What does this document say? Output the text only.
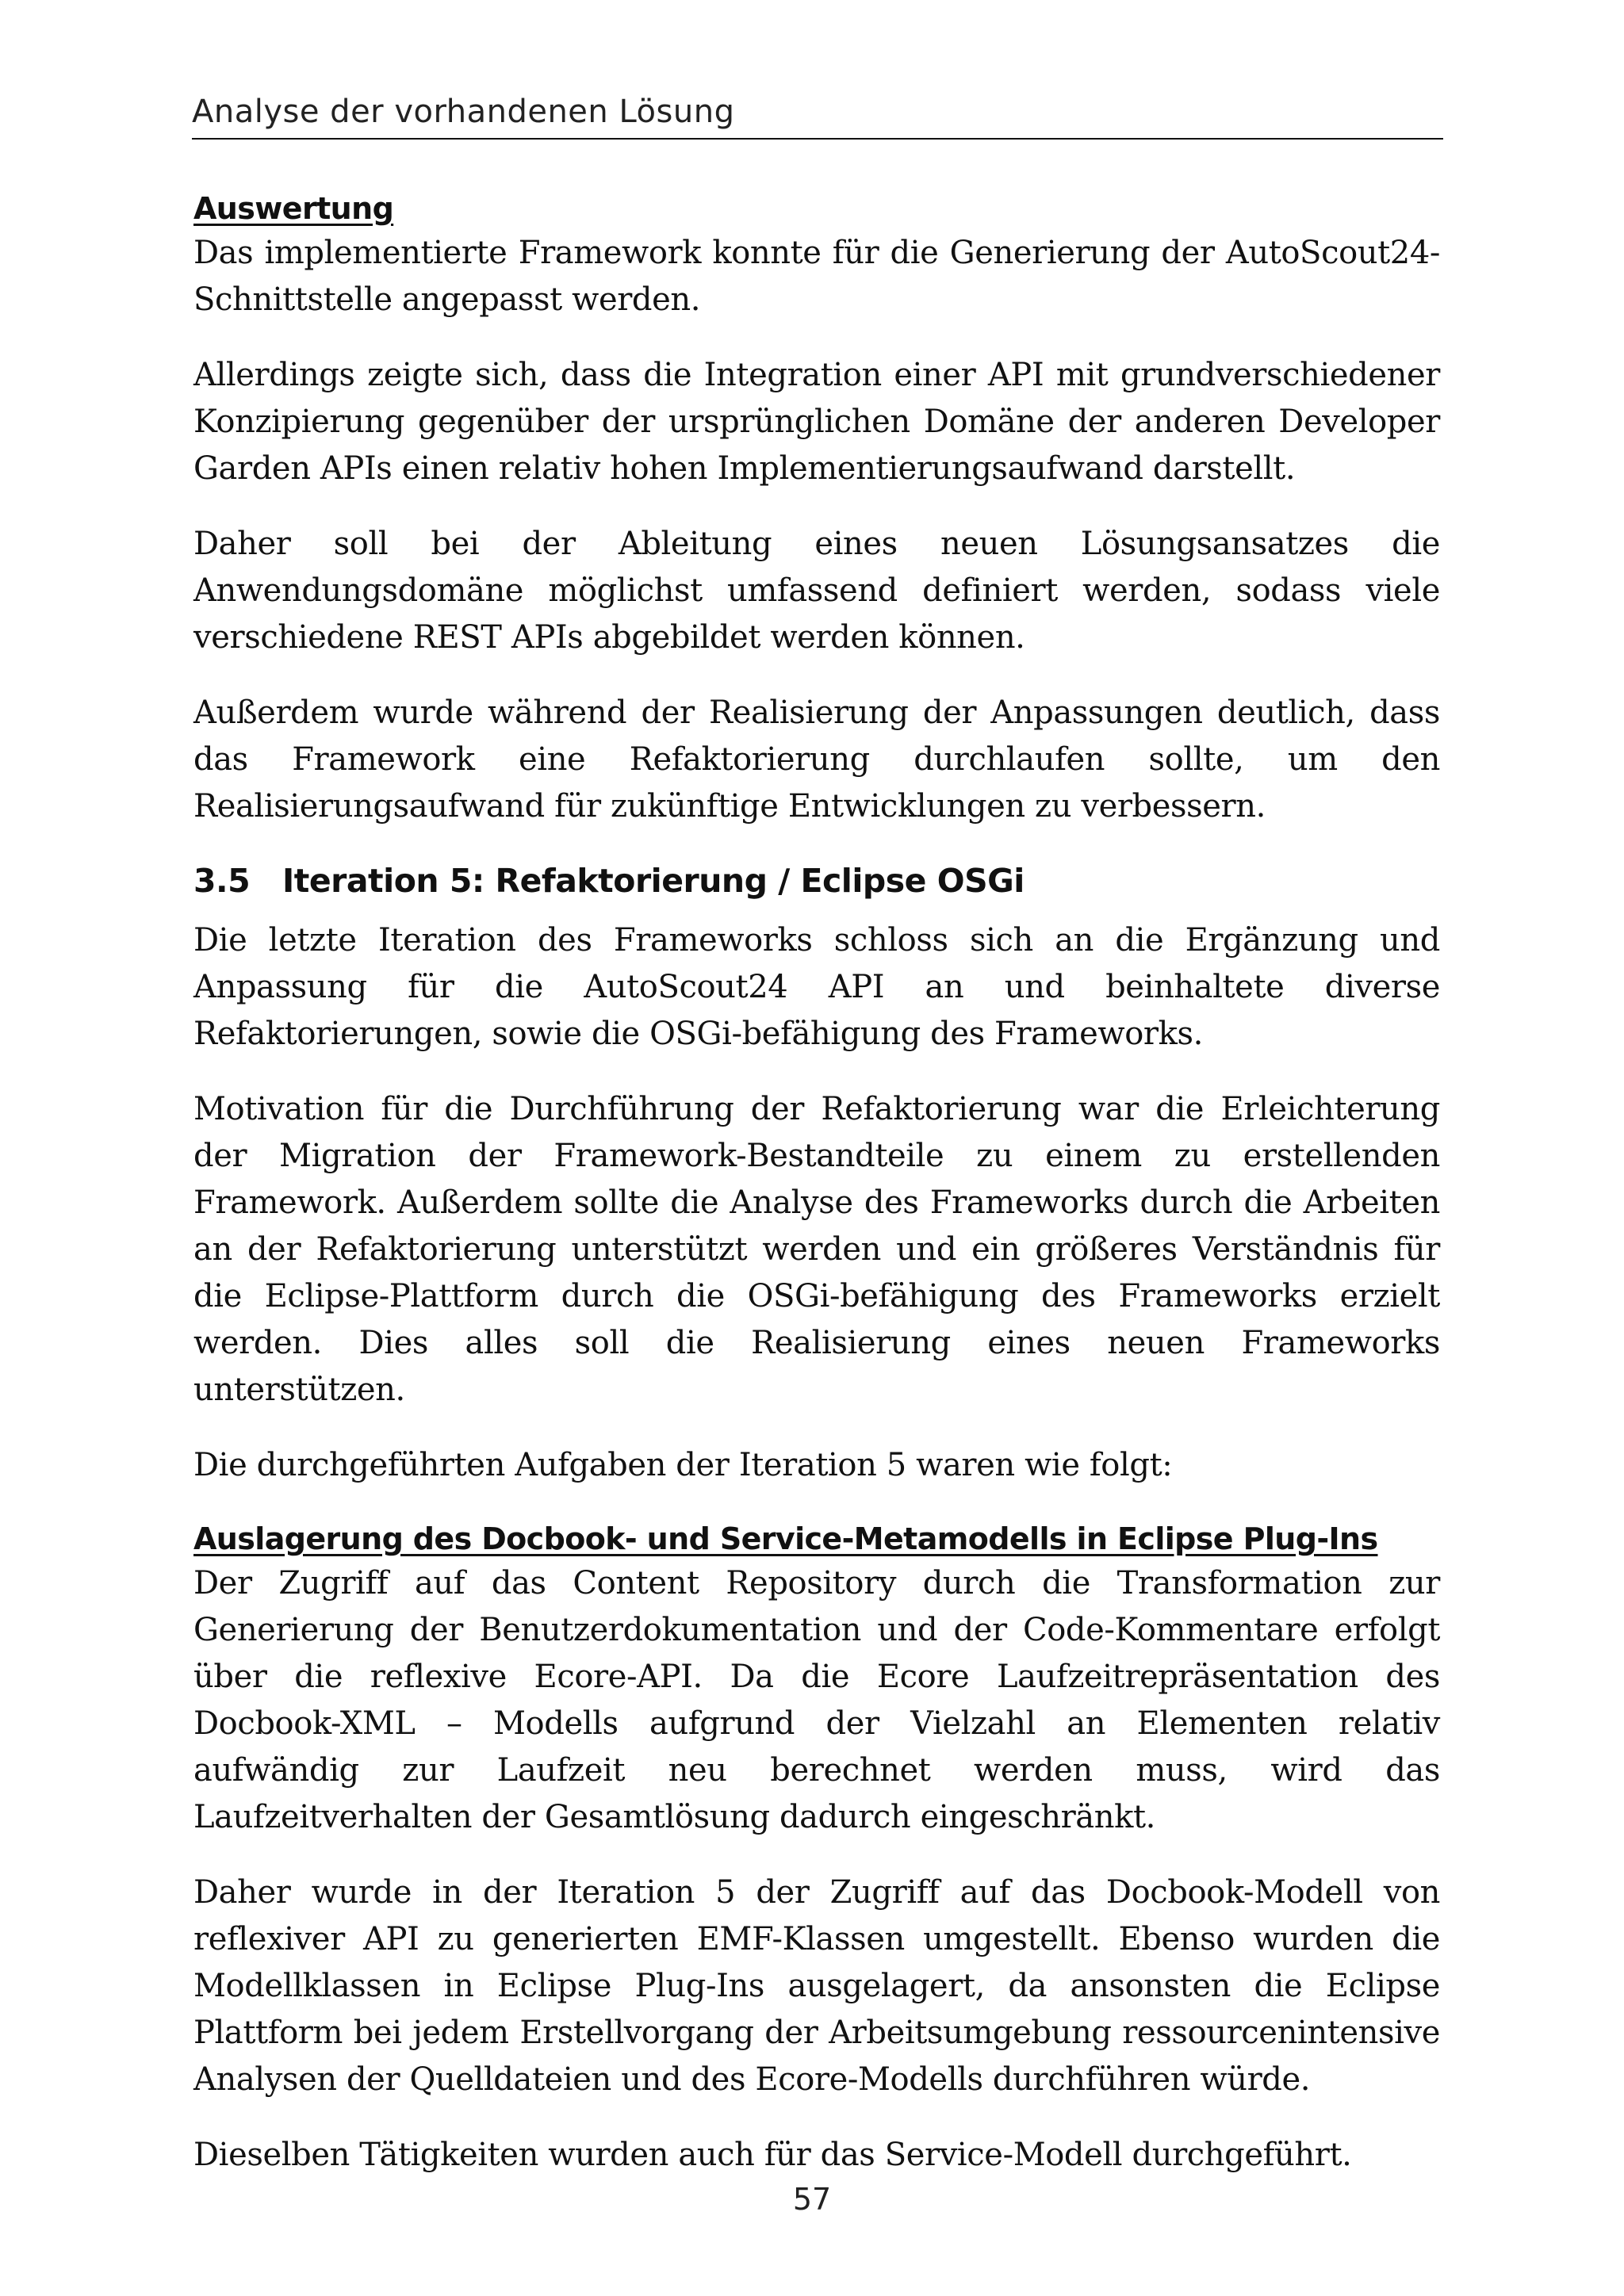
Analyse der vorhandenen Lösung
Auswertung

Das implementierte Framework konnte für die Generierung der AutoScout24-Schnittstelle angepasst werden.

Allerdings zeigte sich, dass die Integration einer API mit grundverschiedener Konzipierung gegenüber der ursprünglichen Domäne der anderen Developer Garden APIs einen relativ hohen Implementierungsaufwand darstellt.

Daher soll bei der Ableitung eines neuen Lösungsansatzes die Anwendungsdomäne möglichst umfassend definiert werden, sodass viele verschiedene REST APIs abgebildet werden können.

Außerdem wurde während der Realisierung der Anpassungen deutlich, dass das Framework eine Refaktorierung durchlaufen sollte, um den Realisierungsaufwand für zukünftige Entwicklungen zu verbessern.

3.5 Iteration 5: Refaktorierung / Eclipse OSGi

Die letzte Iteration des Frameworks schloss sich an die Ergänzung und Anpassung für die AutoScout24 API an und beinhaltete diverse Refaktorierungen, sowie die OSGi-befähigung des Frameworks.

Motivation für die Durchführung der Refaktorierung war die Erleichterung der Migration der Framework-Bestandteile zu einem zu erstellenden Framework. Außerdem sollte die Analyse des Frameworks durch die Arbeiten an der Refaktorierung unterstützt werden und ein größeres Verständnis für die Eclipse-Plattform durch die OSGi-befähigung des Frameworks erzielt werden. Dies alles soll die Realisierung eines neuen Frameworks unterstützen.

Die durchgeführten Aufgaben der Iteration 5 waren wie folgt:

Auslagerung des Docbook- und Service-Metamodells in Eclipse Plug-Ins

Der Zugriff auf das Content Repository durch die Transformation zur Generierung der Benutzerdokumentation und der Code-Kommentare erfolgt über die reflexive Ecore-API. Da die Ecore Laufzeitrepräsentation des Docbook-XML – Modells aufgrund der Vielzahl an Elementen relativ aufwändig zur Laufzeit neu berechnet werden muss, wird das Laufzeitverhalten der Gesamtlösung dadurch eingeschränkt.

Daher wurde in der Iteration 5 der Zugriff auf das Docbook-Modell von reflexiver API zu generierten EMF-Klassen umgestellt. Ebenso wurden die Modellklassen in Eclipse Plug-Ins ausgelagert, da ansonsten die Eclipse Plattform bei jedem Erstellvorgang der Arbeitsumgebung ressourcenintensive Analysen der Quelldateien und des Ecore-Modells durchführen würde.

Dieselben Tätigkeiten wurden auch für das Service-Modell durchgeführt.

57
